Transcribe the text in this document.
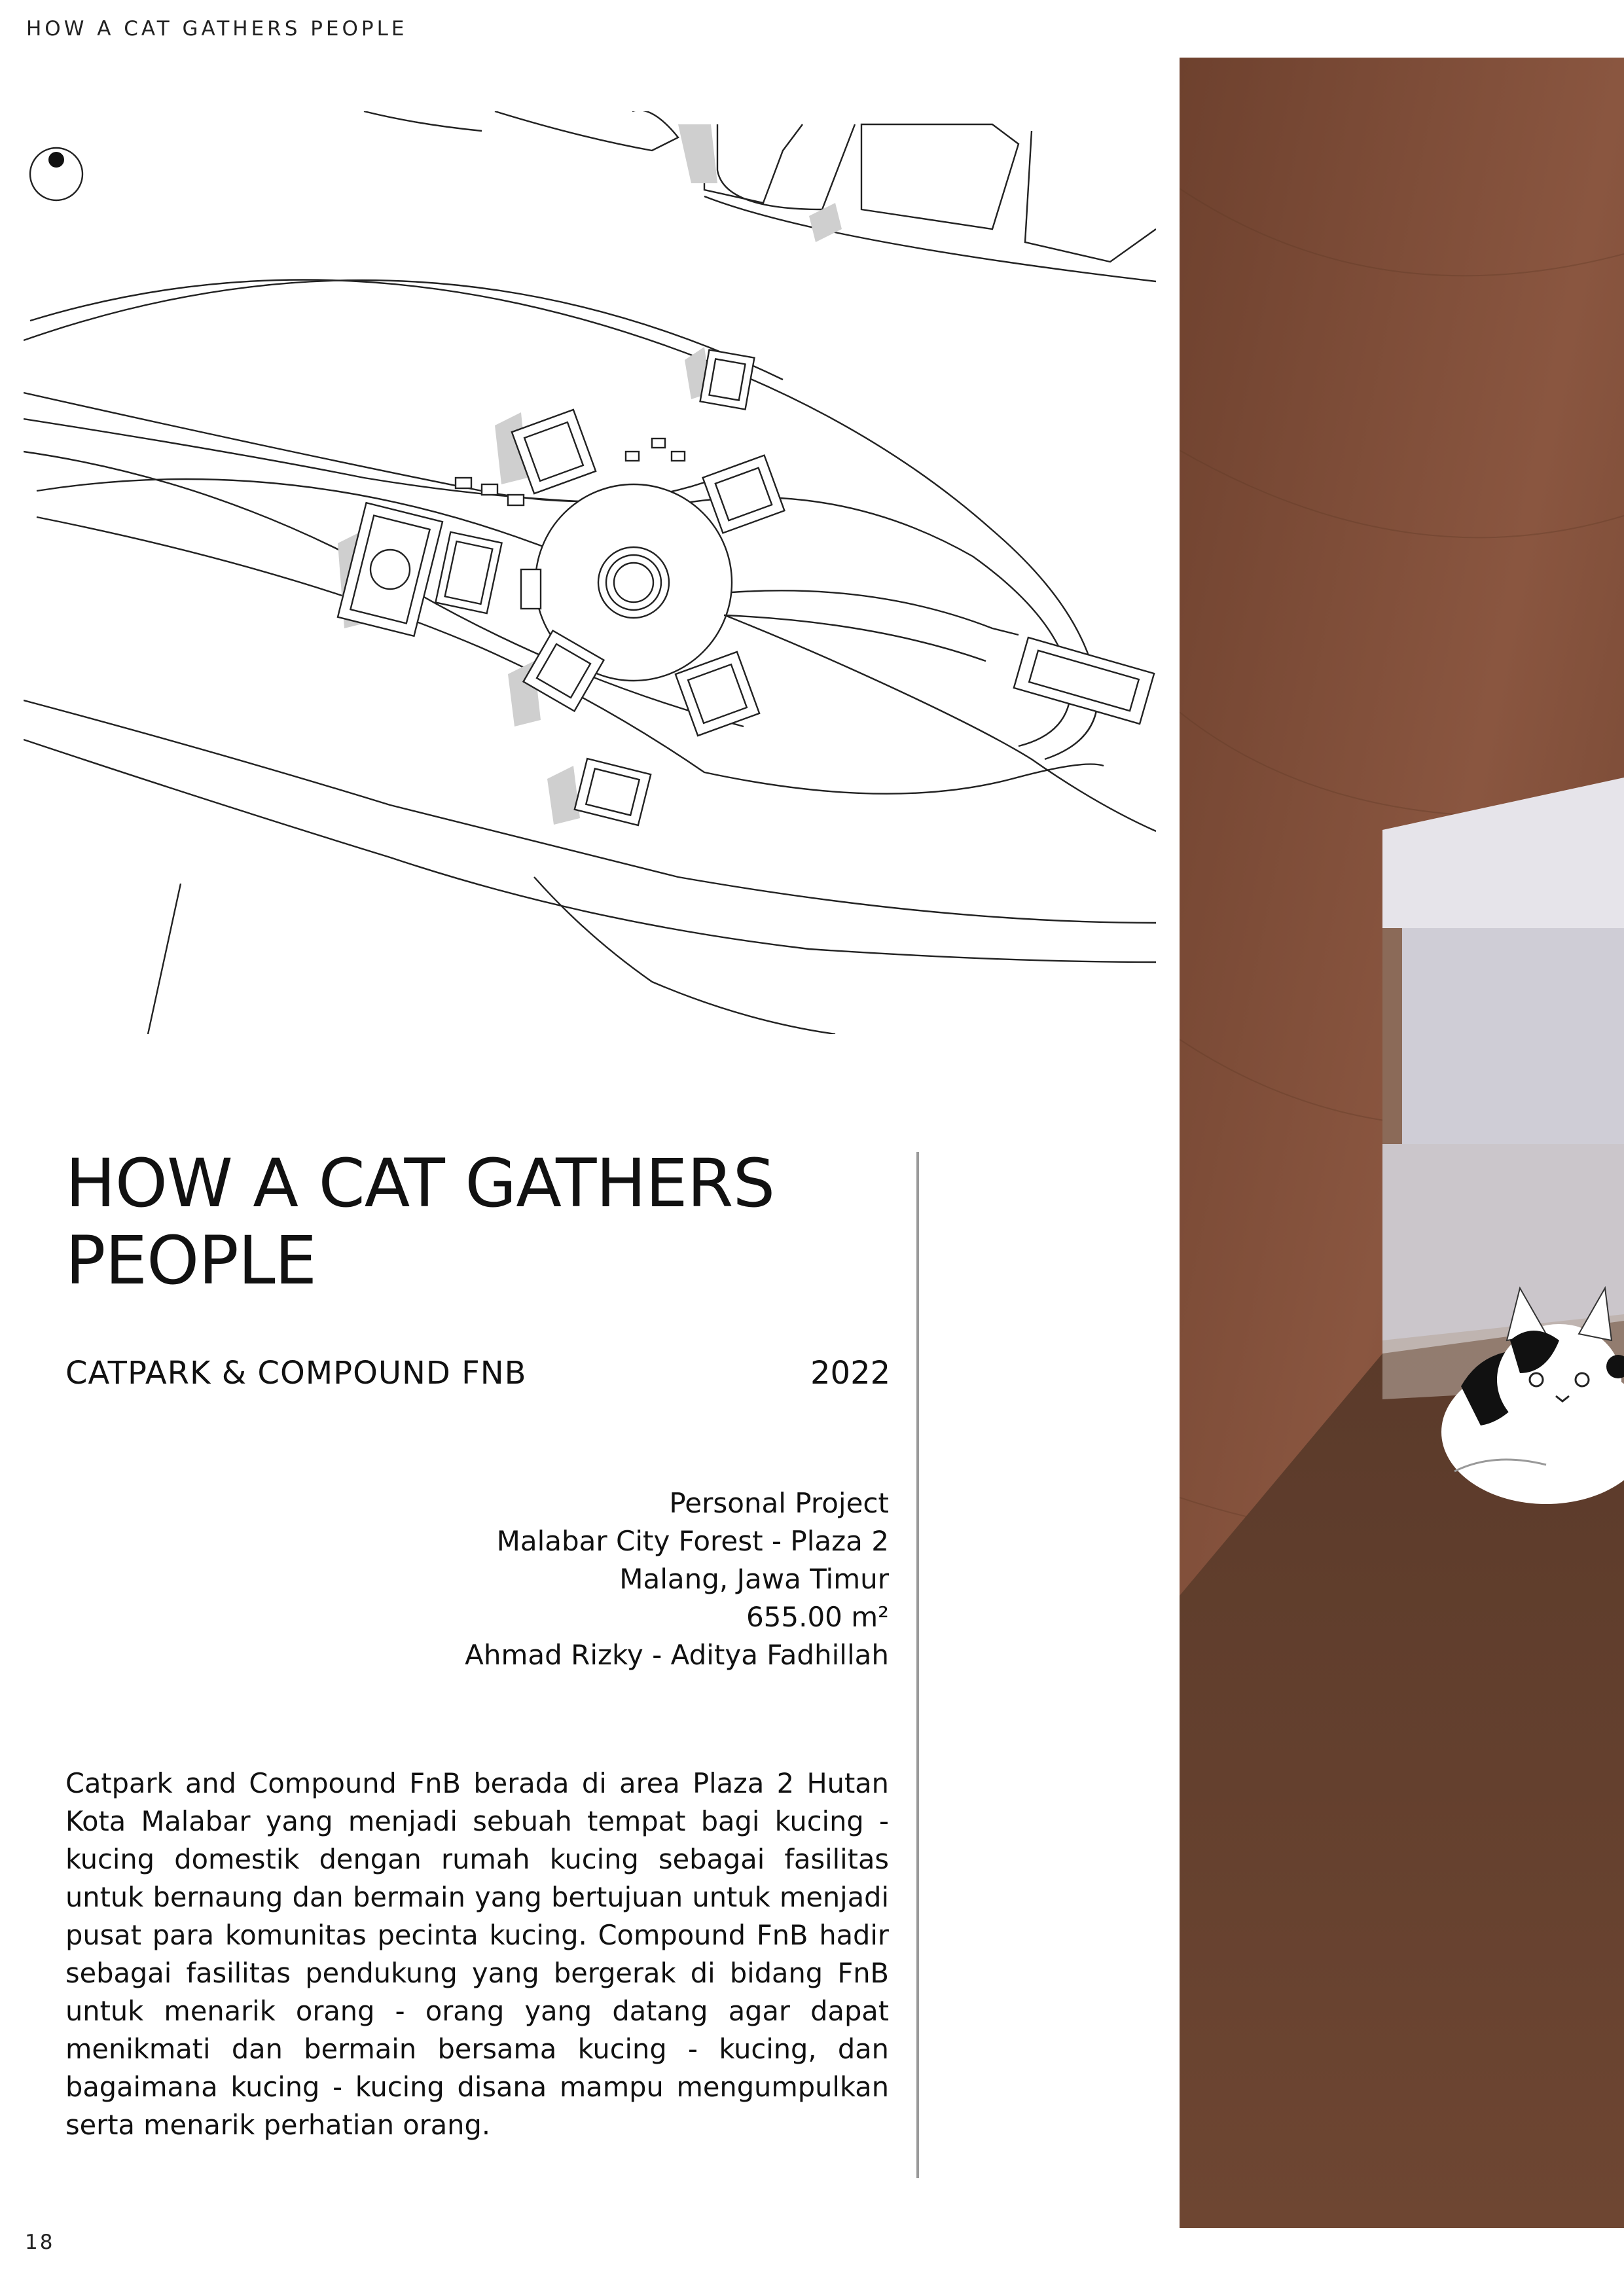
HOW A CAT GATHERS PEOPLE
HOW A CAT GATHERS PEOPLE
CATPARK & COMPOUND FNB	2022
Personal Project
Malabar City Forest - Plaza 2
Malang, Jawa Timur
655.00 m²
Ahmad Rizky - Aditya Fadhillah

Catpark and Compound FnB berada di area Plaza 2 Hutan Kota Malabar yang menjadi sebuah tempat bagi kucing - kucing domestik dengan rumah kucing sebagai fasilitas untuk bernaung dan bermain yang bertujuan untuk menjadi pusat para komunitas pecinta kucing. Compound FnB hadir sebagai fasilitas pendukung yang bergerak di bidang FnB untuk menarik orang - orang yang datang agar dapat menikmati dan bermain bersama kucing - kucing, dan bagaimana kucing - kucing disana mampu mengumpulkan serta menarik perhatian orang.

18
